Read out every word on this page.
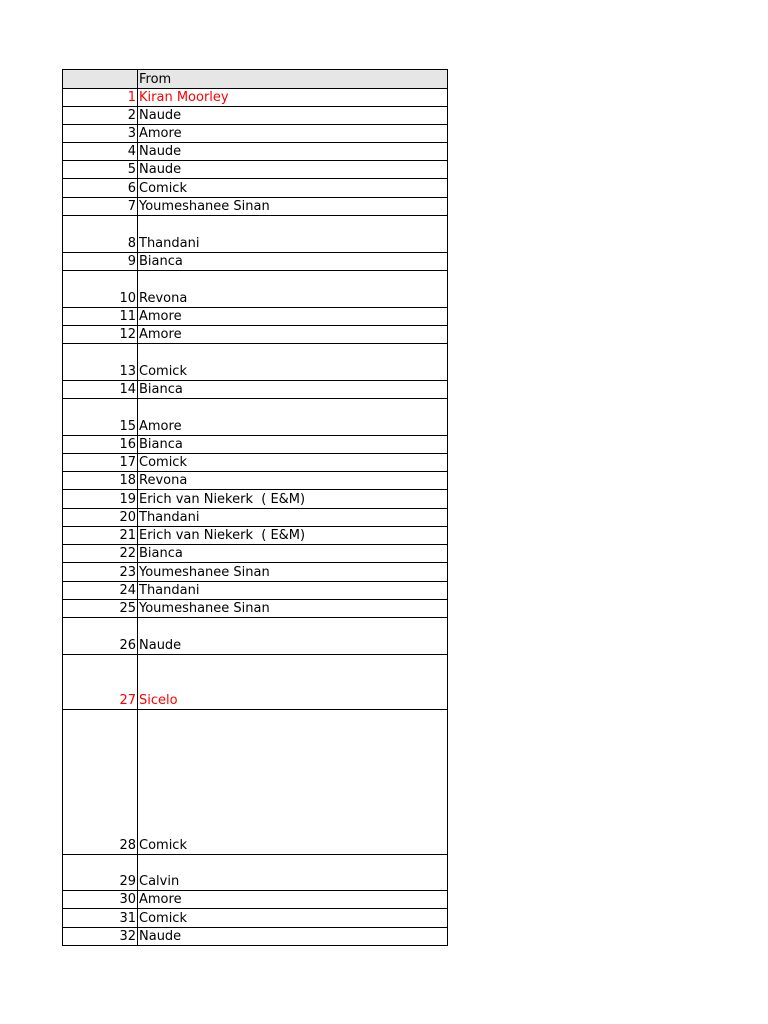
From
1 Kiran Moorley
2 Naude
3 Amore
4 Naude
5 Naude
6 Comick
7 Youmeshanee Sinan
8 Thandani
9 Bianca
10 Revona
11 Amore
12 Amore
13 Comick
14 Bianca
15 Amore
16 Bianca
17 Comick
18 Revona
19 Erich van Niekerk  ( E&M)
20 Thandani
21 Erich van Niekerk  ( E&M)
22 Bianca
23 Youmeshanee Sinan
24 Thandani
25 Youmeshanee Sinan
26 Naude
27 Sicelo
28 Comick
29 Calvin
30 Amore
31 Comick
32 Naude
